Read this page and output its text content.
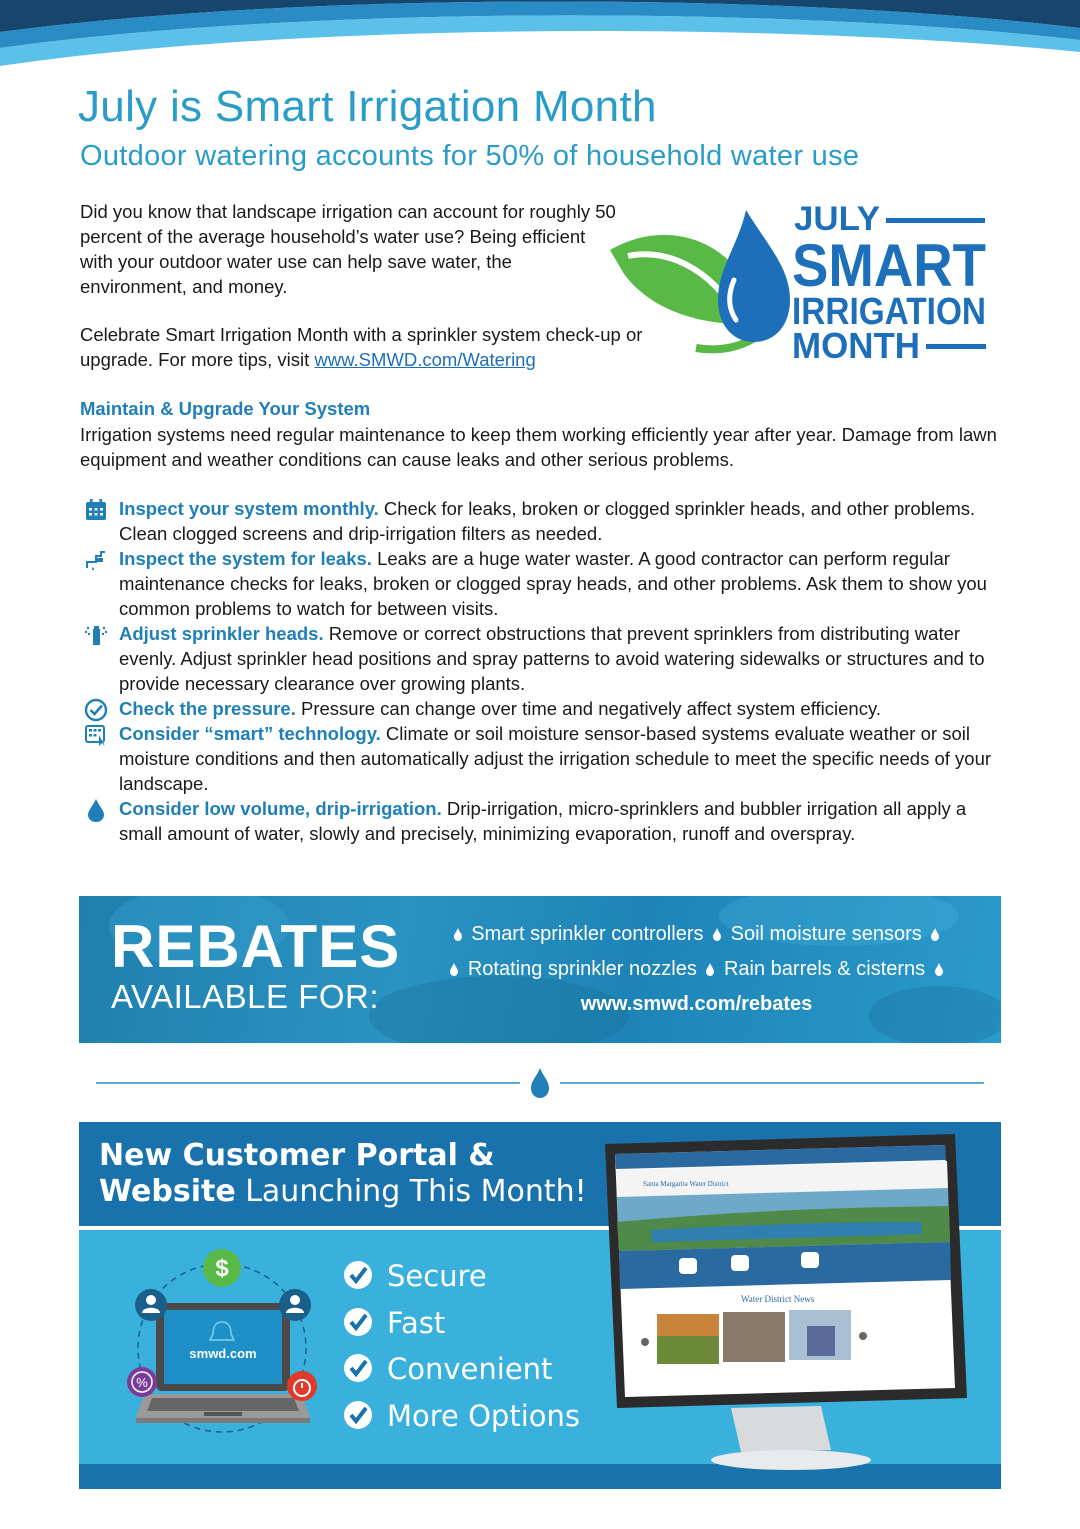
July is Smart Irrigation Month
Outdoor watering accounts for 50% of household water use

Did you know that landscape irrigation can account for roughly 50 percent of the average household’s water use? Being efficient with your outdoor water use can help save water, the environment, and money.

Celebrate Smart Irrigation Month with a sprinkler system check-up or upgrade. For more tips, visit www.SMWD.com/Watering

JULY
SMART
IRRIGATION
MONTH
Maintain & Upgrade Your System

Irrigation systems need regular maintenance to keep them working efficiently year after year. Damage from lawn equipment and weather conditions can cause leaks and other serious problems.

Inspect your system monthly. Check for leaks, broken or clogged sprinkler heads, and other problems. Clean clogged screens and drip-irrigation filters as needed.
Inspect the system for leaks. Leaks are a huge water waster. A good contractor can perform regular maintenance checks for leaks, broken or clogged spray heads, and other problems. Ask them to show you common problems to watch for between visits.
Adjust sprinkler heads. Remove or correct obstructions that prevent sprinklers from distributing water evenly. Adjust sprinkler head positions and spray patterns to avoid watering sidewalks or structures and to provide necessary clearance over growing plants.
Check the pressure. Pressure can change over time and negatively affect system efficiency.
Consider “smart” technology. Climate or soil moisture sensor-based systems evaluate weather or soil moisture conditions and then automatically adjust the irrigation schedule to meet the specific needs of your landscape.
Consider low volume, drip-irrigation. Drip-irrigation, micro-sprinklers and bubbler irrigation all apply a small amount of water, slowly and precisely, minimizing evaporation, runoff and overspray.

REBATES

AVAILABLE FOR:

Smart sprinkler controllers Soil moisture sensors

Rotating sprinkler nozzles Rain barrels & cisterns

www.smwd.com/rebates

New Customer Portal &
Website Launching This Month!

smwd.com
$
%
Secure
Fast
Convenient
More Options
Santa Margarita Water District
Water District News
